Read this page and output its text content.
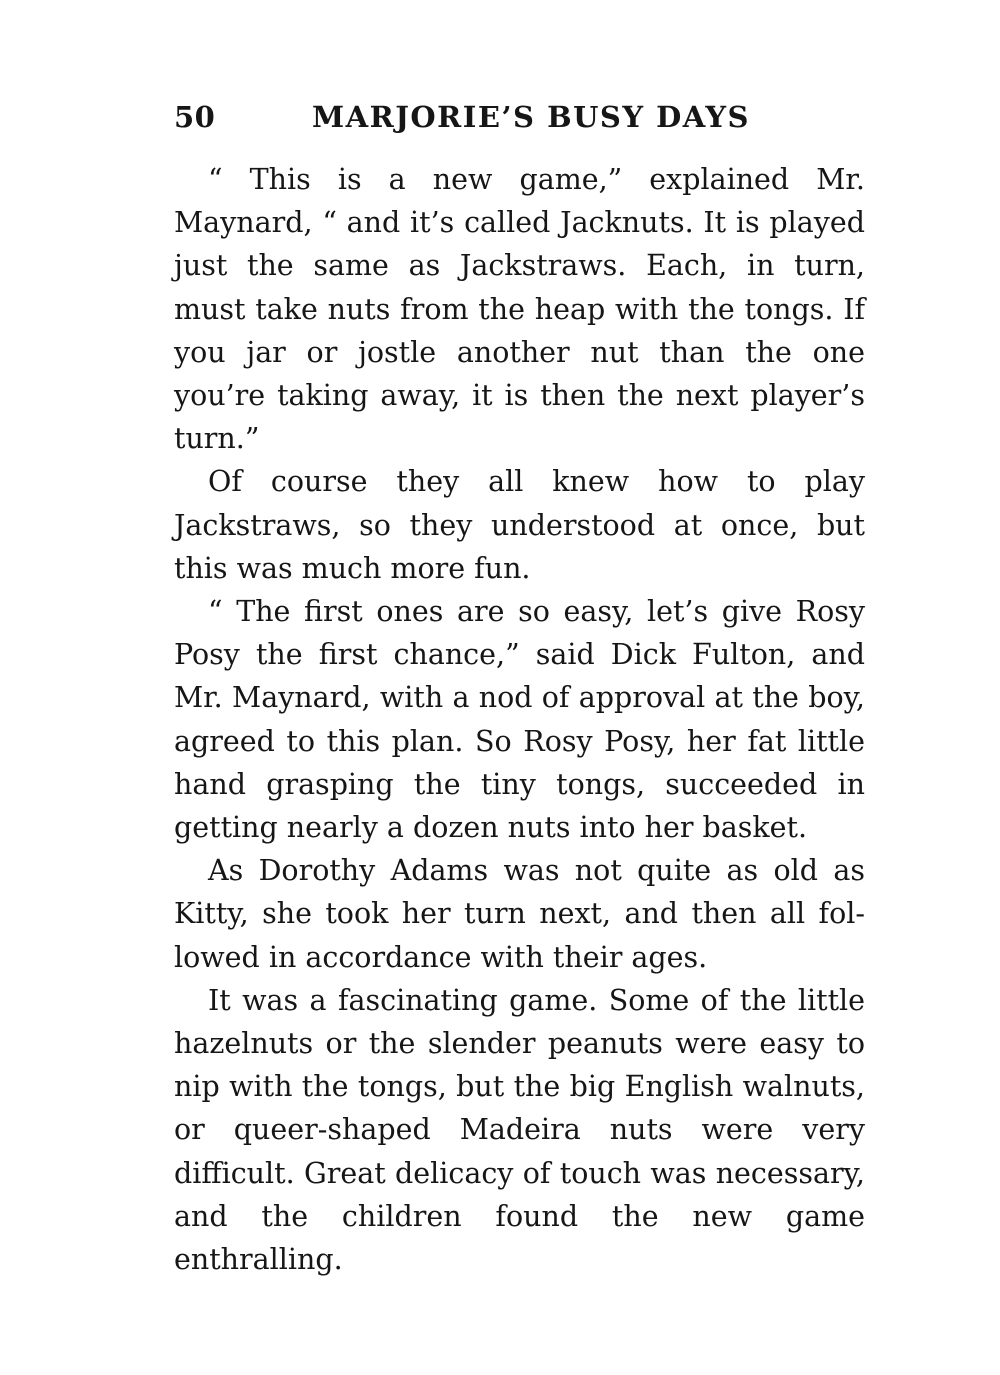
50	MARJORIE’S BUSY DAYS

“ This is a new game,” explained Mr. Maynard, “ and it’s called Jacknuts. It is played just the same as Jackstraws. Each, in turn, must take nuts from the heap with the tongs. If you jar or jostle another nut than the one you’re taking away, it is then the next player’s turn.”

Of course they all knew how to play Jackstraws, so they understood at once, but this was much more fun.

“ The first ones are so easy, let’s give Rosy Posy the first chance,” said Dick Fulton, and Mr. Maynard, with a nod of approval at the boy, agreed to this plan. So Rosy Posy, her fat little hand grasping the tiny tongs, succeeded in getting nearly a dozen nuts into her basket.

As Dorothy Adams was not quite as old as Kitty, she took her turn next, and then all followed in accordance with their ages.

It was a fascinating game. Some of the little hazelnuts or the slender peanuts were easy to nip with the tongs, but the big English walnuts, or queer-shaped Madeira nuts were very difficult. Great delicacy of touch was necessary, and the children found the new game enthralling.
